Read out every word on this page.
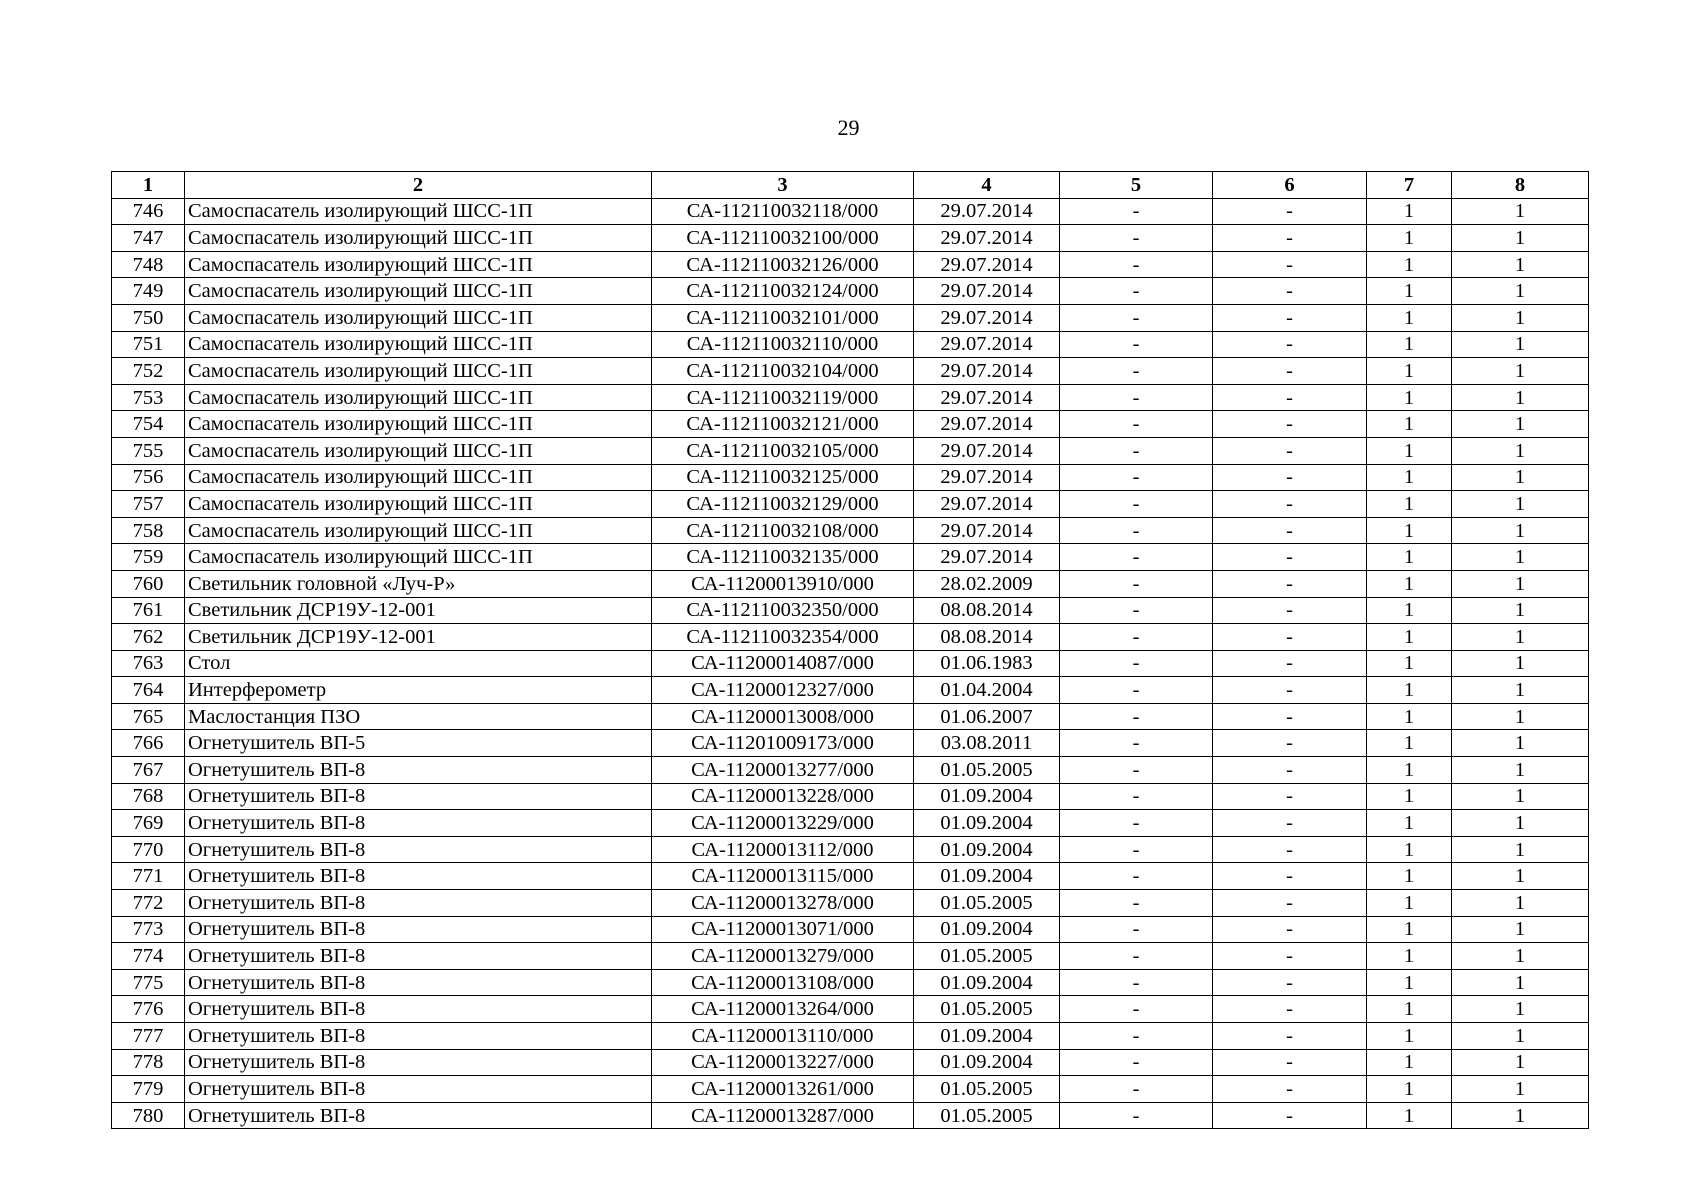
29
1	2	3	4	5	6	7	8
746	Самоспасатель изолирующий ШСС-1П	СА-112110032118/000	29.07.2014	-	-	1	1
747	Самоспасатель изолирующий ШСС-1П	СА-112110032100/000	29.07.2014	-	-	1	1
748	Самоспасатель изолирующий ШСС-1П	СА-112110032126/000	29.07.2014	-	-	1	1
749	Самоспасатель изолирующий ШСС-1П	СА-112110032124/000	29.07.2014	-	-	1	1
750	Самоспасатель изолирующий ШСС-1П	СА-112110032101/000	29.07.2014	-	-	1	1
751	Самоспасатель изолирующий ШСС-1П	СА-112110032110/000	29.07.2014	-	-	1	1
752	Самоспасатель изолирующий ШСС-1П	СА-112110032104/000	29.07.2014	-	-	1	1
753	Самоспасатель изолирующий ШСС-1П	СА-112110032119/000	29.07.2014	-	-	1	1
754	Самоспасатель изолирующий ШСС-1П	СА-112110032121/000	29.07.2014	-	-	1	1
755	Самоспасатель изолирующий ШСС-1П	СА-112110032105/000	29.07.2014	-	-	1	1
756	Самоспасатель изолирующий ШСС-1П	СА-112110032125/000	29.07.2014	-	-	1	1
757	Самоспасатель изолирующий ШСС-1П	СА-112110032129/000	29.07.2014	-	-	1	1
758	Самоспасатель изолирующий ШСС-1П	СА-112110032108/000	29.07.2014	-	-	1	1
759	Самоспасатель изолирующий ШСС-1П	СА-112110032135/000	29.07.2014	-	-	1	1
760	Светильник головной «Луч-Р»	СА-11200013910/000	28.02.2009	-	-	1	1
761	Светильник ДСР19У-12-001	СА-112110032350/000	08.08.2014	-	-	1	1
762	Светильник ДСР19У-12-001	СА-112110032354/000	08.08.2014	-	-	1	1
763	Стол	СА-11200014087/000	01.06.1983	-	-	1	1
764	Интерферометр	СА-11200012327/000	01.04.2004	-	-	1	1
765	Маслостанция ПЗО	СА-11200013008/000	01.06.2007	-	-	1	1
766	Огнетушитель ВП-5	СА-11201009173/000	03.08.2011	-	-	1	1
767	Огнетушитель ВП-8	СА-11200013277/000	01.05.2005	-	-	1	1
768	Огнетушитель ВП-8	СА-11200013228/000	01.09.2004	-	-	1	1
769	Огнетушитель ВП-8	СА-11200013229/000	01.09.2004	-	-	1	1
770	Огнетушитель ВП-8	СА-11200013112/000	01.09.2004	-	-	1	1
771	Огнетушитель ВП-8	СА-11200013115/000	01.09.2004	-	-	1	1
772	Огнетушитель ВП-8	СА-11200013278/000	01.05.2005	-	-	1	1
773	Огнетушитель ВП-8	СА-11200013071/000	01.09.2004	-	-	1	1
774	Огнетушитель ВП-8	СА-11200013279/000	01.05.2005	-	-	1	1
775	Огнетушитель ВП-8	СА-11200013108/000	01.09.2004	-	-	1	1
776	Огнетушитель ВП-8	СА-11200013264/000	01.05.2005	-	-	1	1
777	Огнетушитель ВП-8	СА-11200013110/000	01.09.2004	-	-	1	1
778	Огнетушитель ВП-8	СА-11200013227/000	01.09.2004	-	-	1	1
779	Огнетушитель ВП-8	СА-11200013261/000	01.05.2005	-	-	1	1
780	Огнетушитель ВП-8	СА-11200013287/000	01.05.2005	-	-	1	1
